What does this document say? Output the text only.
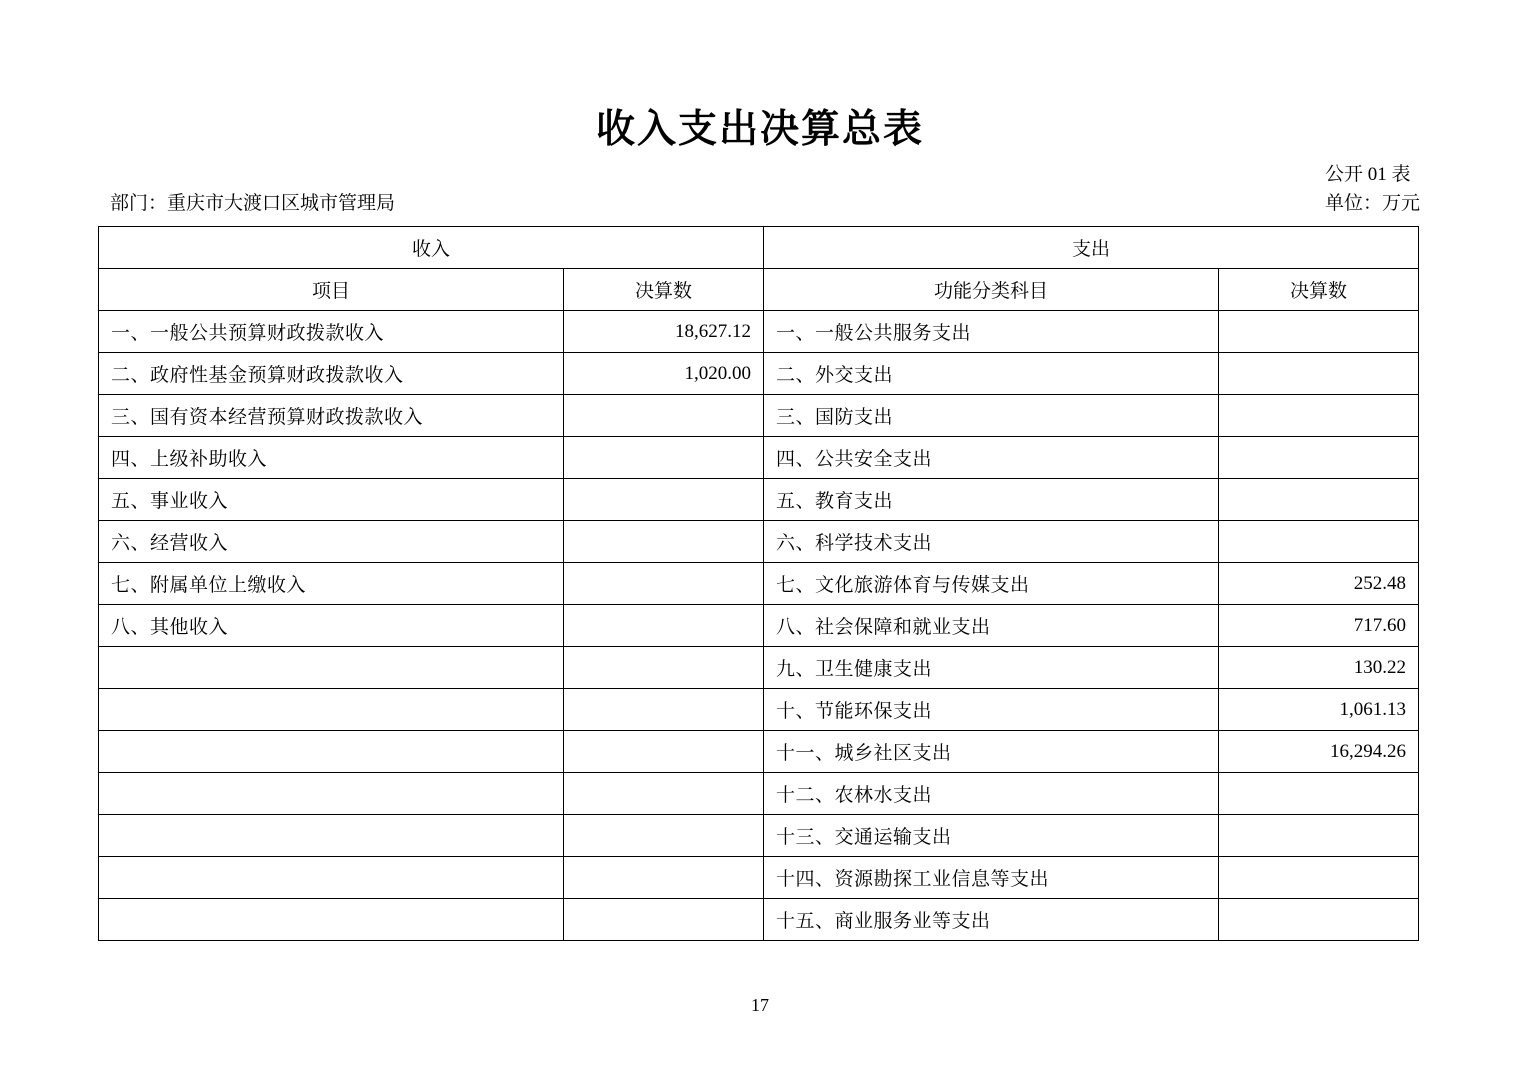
收入支出决算总表
公开 01 表
单位：万元
部门：重庆市大渡口区城市管理局
收入		支出	
项目	决算数	功能分类科目	决算数
一、一般公共预算财政拨款收入	18,627.12	一、一般公共服务支出	
二、政府性基金预算财政拨款收入	1,020.00	二、外交支出	
三、国有资本经营预算财政拨款收入		三、国防支出	
四、上级补助收入		四、公共安全支出	
五、事业收入		五、教育支出	
六、经营收入		六、科学技术支出	
七、附属单位上缴收入		七、文化旅游体育与传媒支出	252.48
八、其他收入		八、社会保障和就业支出	717.60
		九、卫生健康支出	130.22
		十、节能环保支出	1,061.13
		十一、城乡社区支出	16,294.26
		十二、农林水支出	
		十三、交通运输支出	
		十四、资源勘探工业信息等支出	
		十五、商业服务业等支出	
17
